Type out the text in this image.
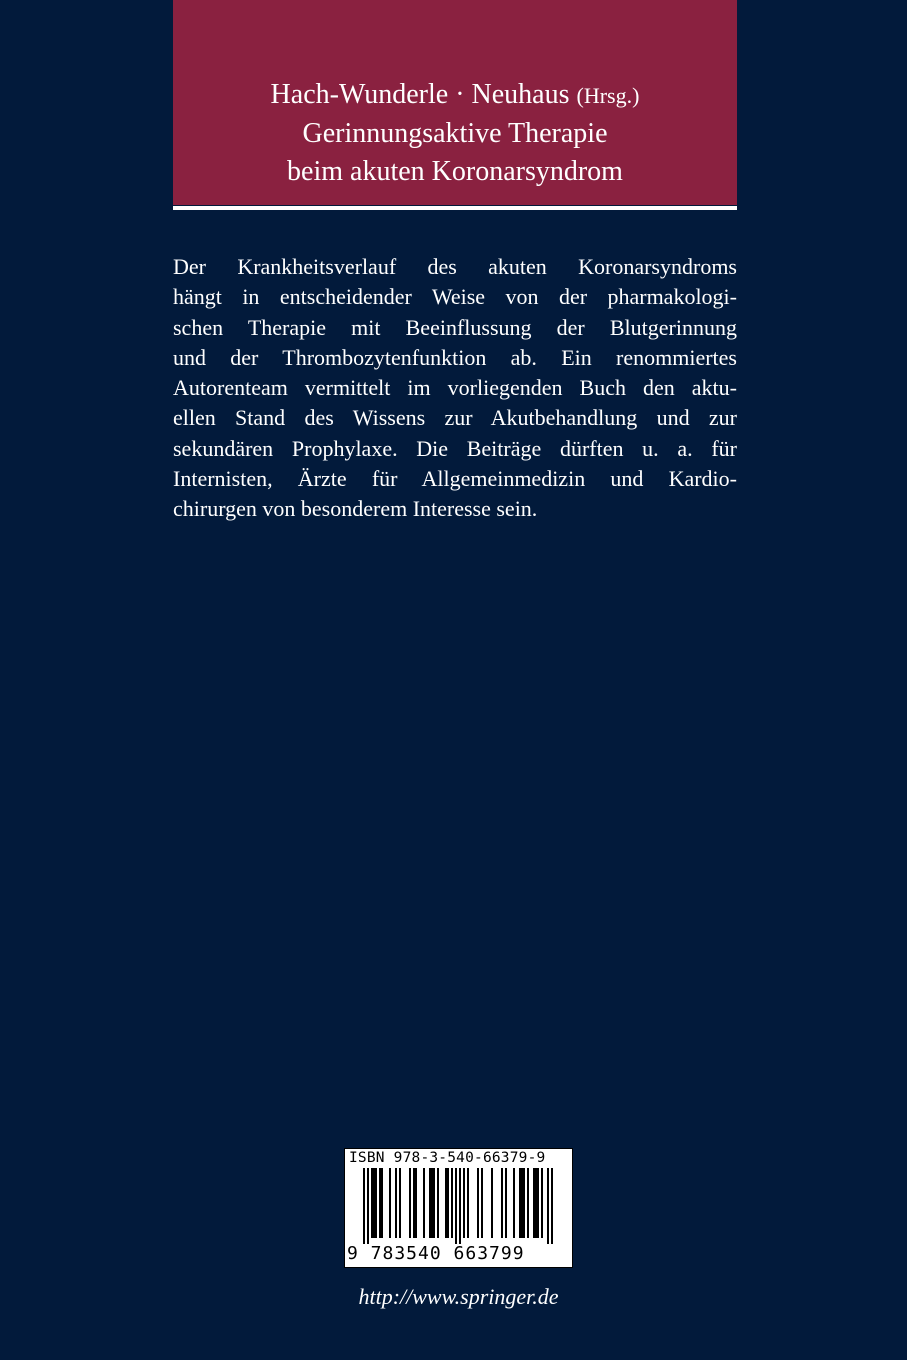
Hach-Wunderle · Neuhaus (Hrsg.)
Gerinnungsaktive Therapie
beim akuten Koronarsyndrom
Der Krankheitsverlauf des akuten Koronarsyndroms
hängt in entscheidender Weise von der pharmakologi-
schen Therapie mit Beeinflussung der Blutgerinnung
und der Thrombozytenfunktion ab. Ein renommiertes
Autorenteam vermittelt im vorliegenden Buch den aktu-
ellen Stand des Wissens zur Akutbehandlung und zur
sekundären Prophylaxe. Die Beiträge dürften u. a. für
Internisten, Ärzte für Allgemeinmedizin und Kardio-
chirurgen von besonderem Interesse sein.
ISBN 978-3-540-66379-9
9 783540 663799
http://www.springer.de
